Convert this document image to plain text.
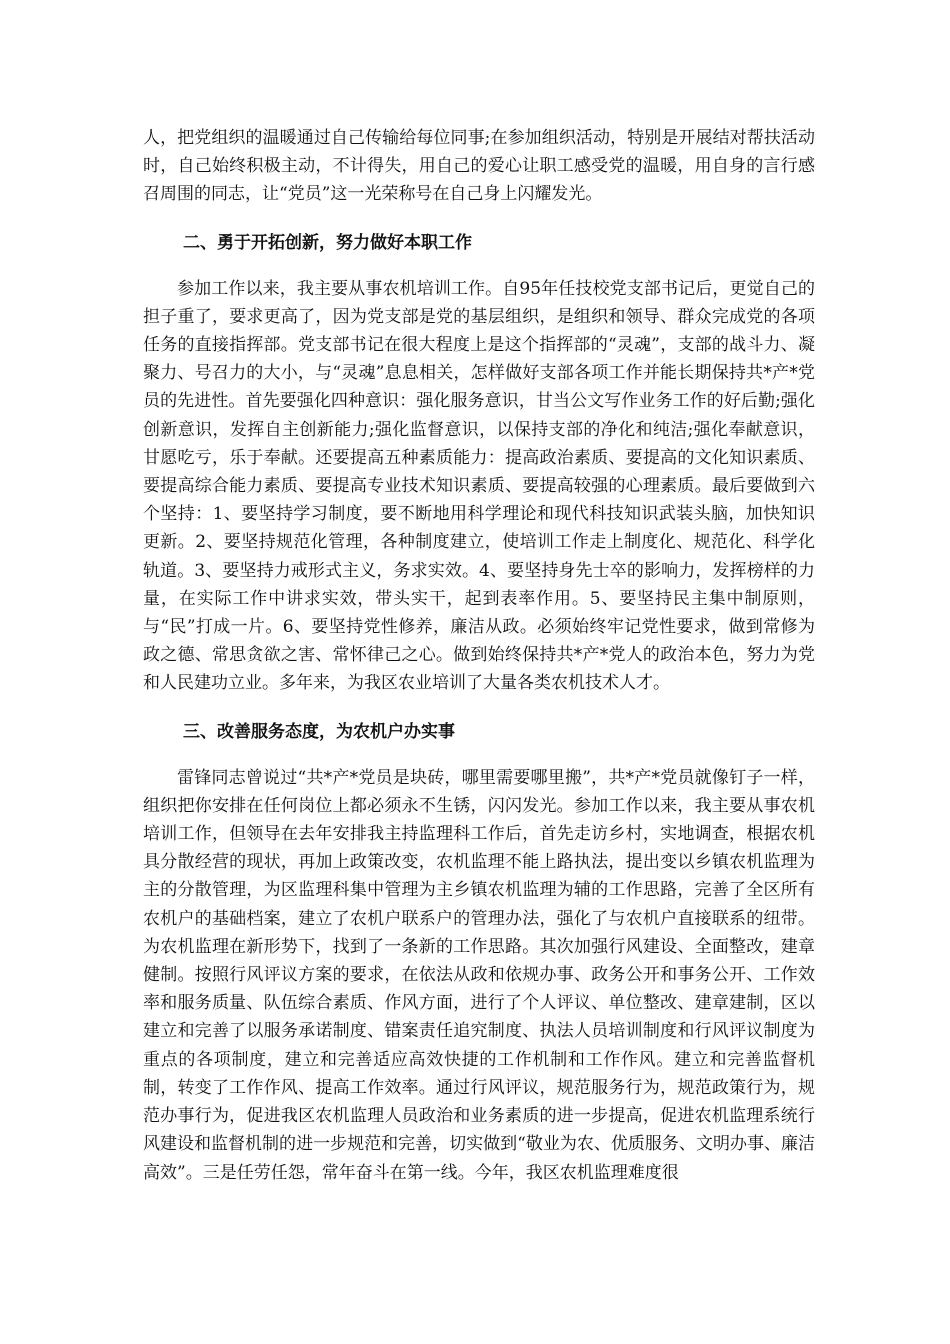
人，把党组织的温暖通过自己传输给每位同事;在参加组织活动，特别是开展结对帮扶活动时，自己始终积极主动，不计得失，用自己的爱心让职工感受党的温暖，用自身的言行感召周围的同志，让“党员”这一光荣称号在自己身上闪耀发光。

二、勇于开拓创新，努力做好本职工作

参加工作以来，我主要从事农机培训工作。自95年任技校党支部书记后，更觉自己的担子重了，要求更高了，因为党支部是党的基层组织，是组织和领导、群众完成党的各项任务的直接指挥部。党支部书记在很大程度上是这个指挥部的“灵魂”，支部的战斗力、凝聚力、号召力的大小，与“灵魂”息息相关，怎样做好支部各项工作并能长期保持共*产*党员的先进性。首先要强化四种意识：强化服务意识，甘当公文写作业务工作的好后勤;强化创新意识，发挥自主创新能力;强化监督意识，以保持支部的净化和纯洁;强化奉献意识，甘愿吃亏，乐于奉献。还要提高五种素质能力：提高政治素质、要提高的文化知识素质、要提高综合能力素质、要提高专业技术知识素质、要提高较强的心理素质。最后要做到六个坚持：1、要坚持学习制度，要不断地用科学理论和现代科技知识武装头脑，加快知识更新。2、要坚持规范化管理，各种制度建立，使培训工作走上制度化、规范化、科学化轨道。3、要坚持力戒形式主义，务求实效。4、要坚持身先士卒的影响力，发挥榜样的力量，在实际工作中讲求实效，带头实干，起到表率作用。5、要坚持民主集中制原则，与“民”打成一片。6、要坚持党性修养，廉洁从政。必须始终牢记党性要求，做到常修为政之德、常思贪欲之害、常怀律己之心。做到始终保持共*产*党人的政治本色，努力为党和人民建功立业。多年来，为我区农业培训了大量各类农机技术人才。

三、改善服务态度，为农机户办实事

雷锋同志曾说过“共*产*党员是块砖，哪里需要哪里搬”，共*产*党员就像钉子一样，组织把你安排在任何岗位上都必须永不生锈，闪闪发光。参加工作以来，我主要从事农机培训工作，但领导在去年安排我主持监理科工作后，首先走访乡村，实地调查，根据农机具分散经营的现状，再加上政策改变，农机监理不能上路执法，提出变以乡镇农机监理为主的分散管理，为区监理科集中管理为主乡镇农机监理为辅的工作思路，完善了全区所有农机户的基础档案，建立了农机户联系户的管理办法，强化了与农机户直接联系的纽带。为农机监理在新形势下，找到了一条新的工作思路。其次加强行风建设、全面整改，建章健制。按照行风评议方案的要求，在依法从政和依规办事、政务公开和事务公开、工作效率和服务质量、队伍综合素质、作风方面，进行了个人评议、单位整改、建章建制，区以建立和完善了以服务承诺制度、错案责任追究制度、执法人员培训制度和行风评议制度为重点的各项制度，建立和完善适应高效快捷的工作机制和工作作风。建立和完善监督机制，转变了工作作风、提高工作效率。通过行风评议，规范服务行为，规范政策行为，规范办事行为，促进我区农机监理人员政治和业务素质的进一步提高，促进农机监理系统行风建设和监督机制的进一步规范和完善，切实做到“敬业为农、优质服务、文明办事、廉洁高效”。三是任劳任怨，常年奋斗在第一线。今年，我区农机监理难度很
